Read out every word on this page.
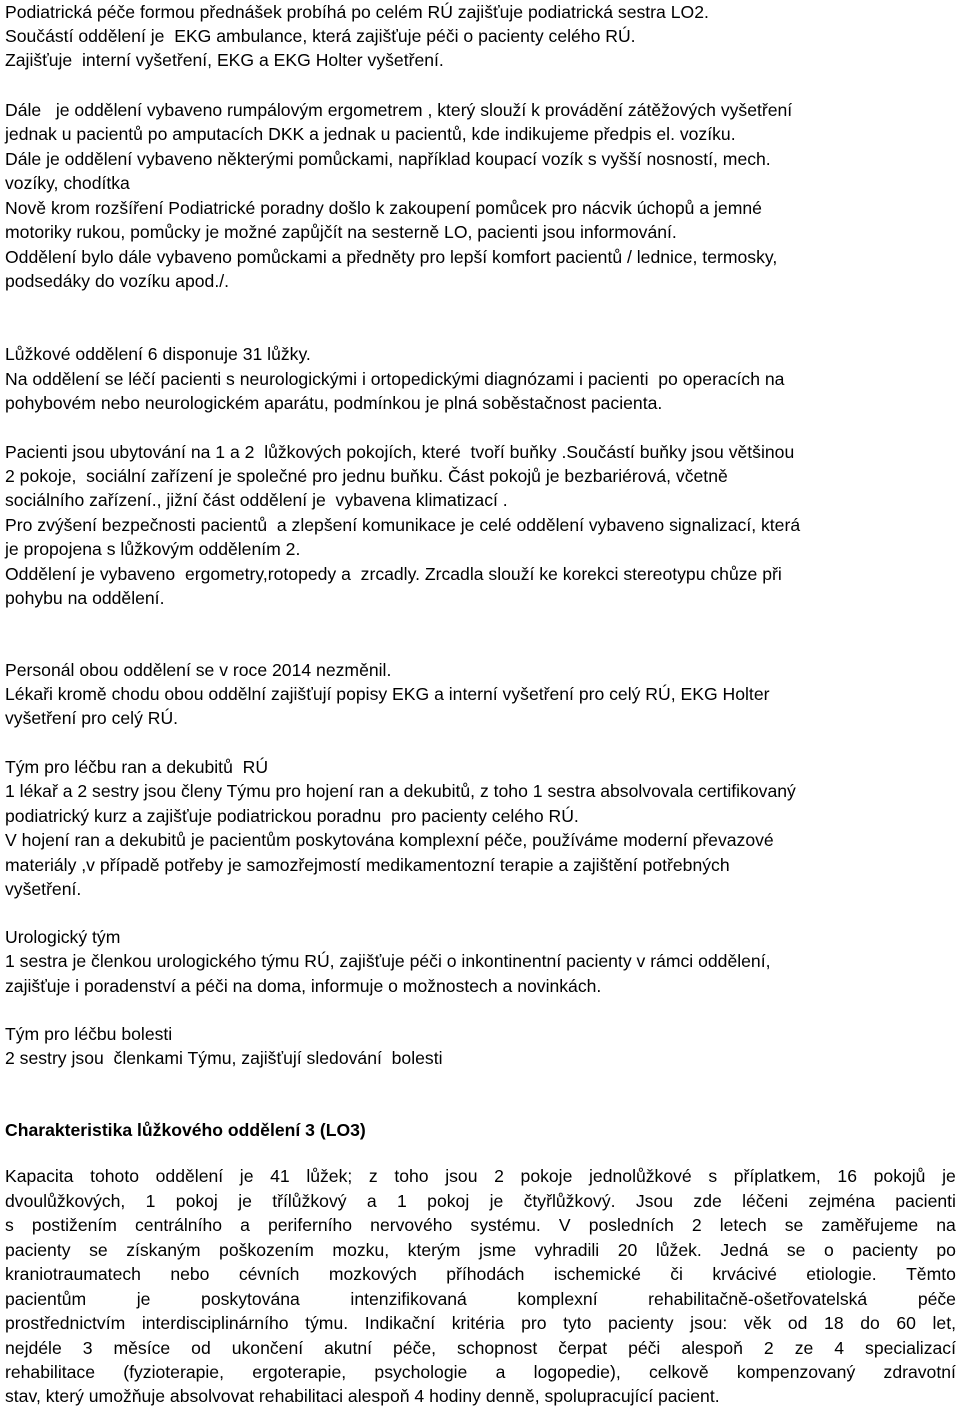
Podiatrická péče formou přednášek probíhá po celém RÚ zajišťuje podiatrická sestra LO2.
Součástí oddělení je  EKG ambulance, která zajišťuje péči o pacienty celého RÚ.
Zajišťuje  interní vyšetření, EKG a EKG Holter vyšetření.
Dále   je oddělení vybaveno rumpálovým ergometrem , který slouží k provádění zátěžových vyšetření
jednak u pacientů po amputacích DKK a jednak u pacientů, kde indikujeme předpis el. vozíku.
Dále je oddělení vybaveno některými pomůckami, například koupací vozík s vyšší nosností, mech.
vozíky, chodítka
Nově krom rozšíření Podiatrické poradny došlo k zakoupení pomůcek pro nácvik úchopů a jemné
motoriky rukou, pomůcky je možné zapůjčít na sesterně LO, pacienti jsou informování.
Oddělení bylo dále vybaveno pomůckami a předněty pro lepší komfort pacientů / lednice, termosky,
podsedáky do vozíku apod./.
Lůžkové oddělení 6 disponuje 31 lůžky.
Na oddělení se léčí pacienti s neurologickými i ortopedickými diagnózami i pacienti  po operacích na
pohybovém nebo neurologickém aparátu, podmínkou je plná soběstačnost pacienta.
Pacienti jsou ubytování na 1 a 2  lůžkových pokojích, které  tvoří buňky .Součástí buňky jsou většinou
2 pokoje,  sociální zařízení je společné pro jednu buňku. Část pokojů je bezbariérová, včetně
sociálního zařízení., jižní část oddělení je  vybavena klimatizací .
Pro zvýšení bezpečnosti pacientů  a zlepšení komunikace je celé oddělení vybaveno signalizací, která
je propojena s lůžkovým oddělením 2.
Oddělení je vybaveno  ergometry,rotopedy a  zrcadly. Zrcadla slouží ke korekci stereotypu chůze při
pohybu na oddělení.
Personál obou oddělení se v roce 2014 nezměnil.
Lékaři kromě chodu obou oddělní zajišťují popisy EKG a interní vyšetření pro celý RÚ, EKG Holter
vyšetření pro celý RÚ.
Tým pro léčbu ran a dekubitů  RÚ
1 lékař a 2 sestry jsou členy Týmu pro hojení ran a dekubitů, z toho 1 sestra absolvovala certifikovaný
podiatrický kurz a zajišťuje podiatrickou poradnu  pro pacienty celého RÚ.
V hojení ran a dekubitů je pacientům poskytována komplexní péče, používáme moderní převazové
materiály ,v případě potřeby je samozřejmostí medikamentozní terapie a zajištění potřebných
vyšetření.
Urologický tým
1 sestra je členkou urologického týmu RÚ, zajišťuje péči o inkontinentní pacienty v rámci oddělení,
zajišťuje i poradenství a péči na doma, informuje o možnostech a novinkách.
Tým pro léčbu bolesti
2 sestry jsou  členkami Týmu, zajišťují sledování  bolesti
Charakteristika lůžkového oddělení 3 (LO3)
Kapacita tohoto oddělení je 41 lůžek; z toho jsou 2 pokoje jednolůžkové s příplatkem, 16 pokojů je
dvoulůžkových, 1 pokoj je třílůžkový a 1 pokoj je čtyřlůžkový. Jsou zde léčeni zejména pacienti
s postižením centrálního a periferního nervového systému. V posledních 2 letech se zaměřujeme na
pacienty se získaným poškozením mozku, kterým jsme vyhradili 20 lůžek. Jedná se o pacienty po
kraniotraumatech nebo cévních mozkových příhodách ischemické či krvácivé etiologie. Těmto
pacientům	je	poskytována	intenzifikovaná	komplexní	rehabilitačně-ošetřovatelská	péče
prostřednictvím interdisciplinárního týmu. Indikační kritéria pro tyto pacienty jsou: věk od 18 do 60 let,
nejdéle 3 měsíce od ukončení akutní péče, schopnost čerpat péči alespoň 2 ze 4 specializací
rehabilitace (fyzioterapie, ergoterapie, psychologie a logopedie), celkově kompenzovaný zdravotní
stav, který umožňuje absolvovat rehabilitaci alespoň 4 hodiny denně, spolupracující pacient.
